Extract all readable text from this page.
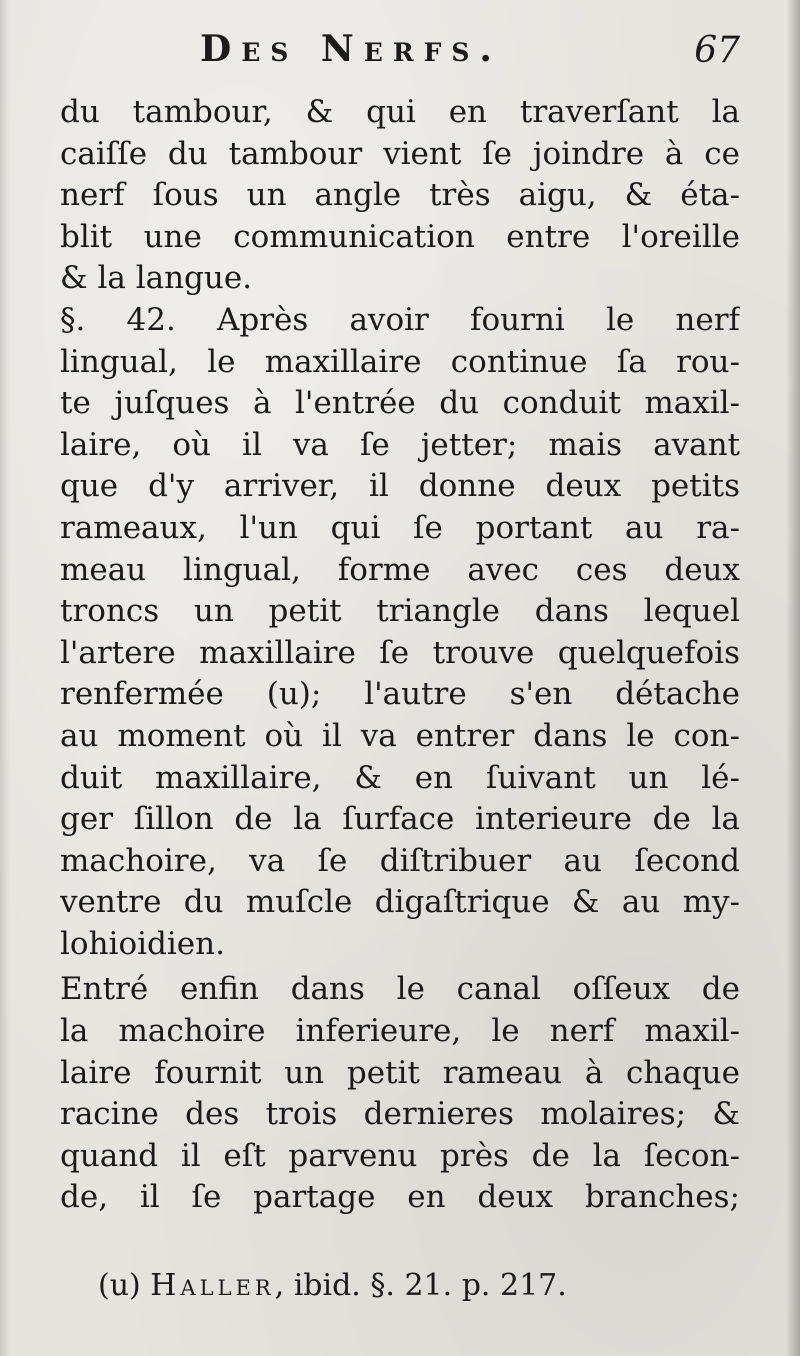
Des Nerfs.	67
du tambour, & qui en traverſant la
caiſſe du tambour vient ſe joindre à ce
nerf ſous un angle très aigu, & éta-
blit une communication entre l'oreille
& la langue.
§. 42. Après avoir fourni le nerf
lingual, le maxillaire continue ſa rou-
te juſques à l'entrée du conduit maxil-
laire, où il va ſe jetter; mais avant
que d'y arriver, il donne deux petits
rameaux, l'un qui ſe portant au ra-
meau lingual, forme avec ces deux
troncs un petit triangle dans lequel
l'artere maxillaire ſe trouve quelquefois
renfermée (u); l'autre s'en détache
au moment où il va entrer dans le con-
duit maxillaire, & en ſuivant un lé-
ger ſillon de la ſurface interieure de la
machoire, va ſe diſtribuer au ſecond
ventre du muſcle digaſtrique & au my-
lohioidien.
Entré enfin dans le canal oſſeux de
la machoire inferieure, le nerf maxil-
laire fournit un petit rameau à chaque
racine des trois dernieres molaires; &
quand il eſt parvenu près de la ſecon-
de, il ſe partage en deux branches;
(u) Haller, ibid. §. 21. p. 217.
